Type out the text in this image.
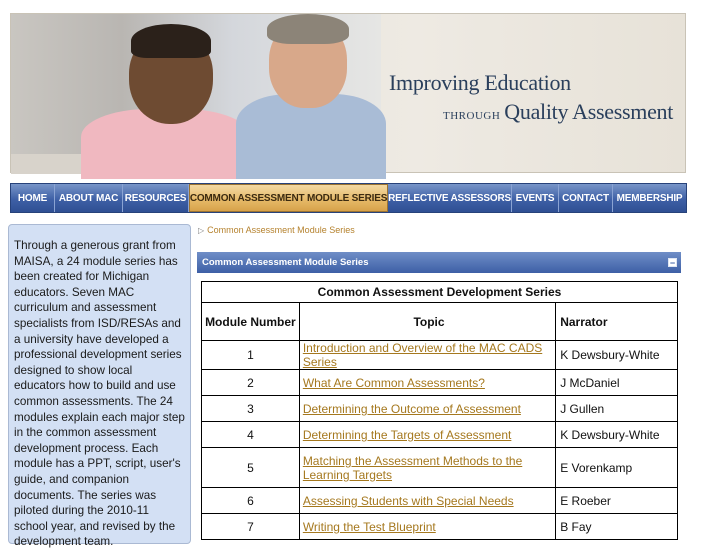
Improving Education
THROUGH Quality Assessment
HOME	ABOUT MAC RESOURCES COMMON ASSESSMENT MODULE SERIES REFLECTIVE ASSESSORS EVENTS CONTACT MEMBERSHIP

Through a generous grant from MAISA, a 24 module series has been created for Michigan educators. Seven MAC curriculum and assessment specialists from ISD/RESAs and a university have developed a professional development series designed to show local educators how to build and use common assessments. The 24 modules explain each major step in the common assessment development process. Each module has a PPT, script, user's guide, and companion documents. The series was piloted during the 2010-11 school year, and revised by the development team.

▷ Common Assessment Module Series
Common Assessment Module Series	−
Common Assessment Development Series		
Module Number	Topic	Narrator
1	Introduction and Overview of the MAC CADS Series	K Dewsbury-White
2	What Are Common Assessments?	J McDaniel
3	Determining the Outcome of Assessment	J Gullen
4	Determining the Targets of Assessment	K Dewsbury-White
5	Matching the Assessment Methods to the Learning Targets	E Vorenkamp
6	Assessing Students with Special Needs	E Roeber
7	Writing the Test Blueprint	B Fay
